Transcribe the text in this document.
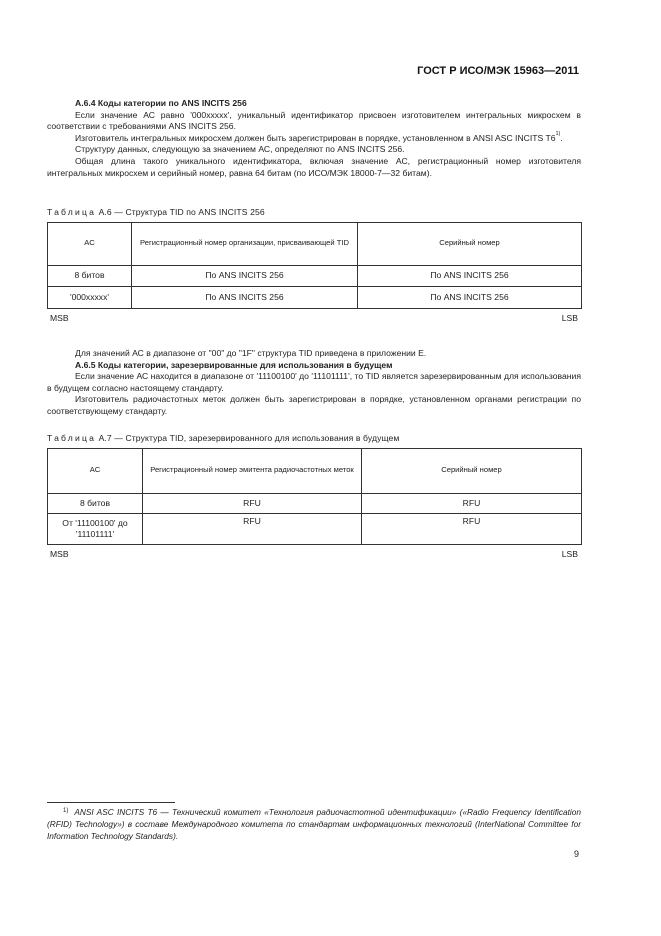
ГОСТ Р ИСО/МЭК 15963—2011

А.6.4 Коды категории по ANS INCITS 256

Если значение АС равно '000xxxxx', уникальный идентификатор присвоен изготовителем интегральных микросхем в соответствии с требованиями ANS INCITS 256.

Изготовитель интегральных микросхем должен быть зарегистрирован в порядке, установленном в ANSI ASC INCITS T6$^{1)}$.

Структуру данных, следующую за значением АС, определяют по ANS INCITS 256.

Общая длина такого уникального идентификатора, включая значение АС, регистрационный номер изготовителя интегральных микросхем и серийный номер, равна 64 битам (по ИСО/МЭК 18000-7—32 битам).

Таблица А.6 — Структура TID по ANS INCITS 256

АС	Регистрационный номер организации, присваивающей TID	Серийный номер
8 битов	По ANS INCITS 256	По ANS INCITS 256
'000xxxxx'	По ANS INCITS 256	По ANS INCITS 256
MSB	LSB

Для значений АС в диапазоне от "00" до "1F" структура TID приведена в приложении Е.

А.6.5 Коды категории, зарезервированные для использования в будущем

Если значение АС находится в диапазоне от '11100100' до '11101111', то TID является зарезервированным для использования в будущем согласно настоящему стандарту.

Изготовитель радиочастотных меток должен быть зарегистрирован в порядке, установленном органами регистрации по соответствующему стандарту.

Таблица А.7 — Структура TID, зарезервированного для использования в будущем

АС	Регистрационный номер эмитента радиочастотных меток	Серийный номер
8 битов	RFU	RFU
От '11100100' до '11101111'	RFU	RFU
MSB	LSB
$^{1)}$ ANSI ASC INCITS T6 — Технический комитет «Технология радиочастотной идентификации» («Radio Frequency Identification (RFID) Technology») в составе Международного комитета по стандартам информационных технологий (InterNational Committee for Information Technology Standards).
9
